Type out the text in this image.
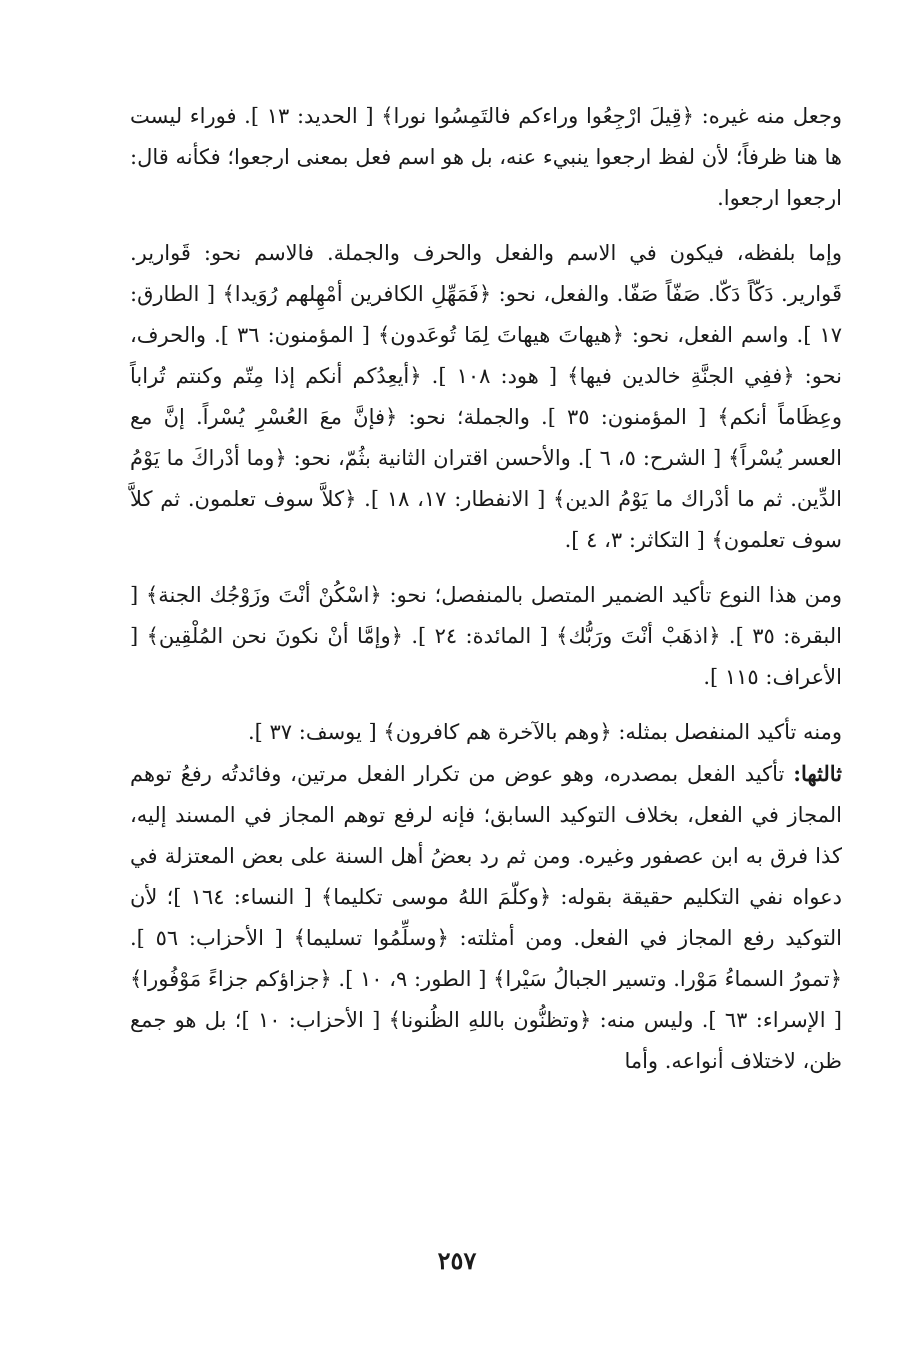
وجعل منه غيره: ﴿قِيلَ ارْجِعُوا وراءكم فالتَمِسُوا نورا﴾ [ الحديد: ١٣ ]. فوراء ليست ها هنا ظرفاً؛ لأن لفظ ارجعوا ينبيء عنه، بل هو اسم فعل بمعنى ارجعوا؛ فكأنه قال: ارجعوا ارجعوا.

وإما بلفظه، فيكون في الاسم والفعل والحرف والجملة. فالاسم نحو: قَوارير. قَوارير. دَكّاً دَكّا. صَفّاً صَفّا. والفعل، نحو: ﴿فَمَهِّلِ الكافرين أمْهِلهم رُوَيدا﴾ [ الطارق: ١٧ ]. واسم الفعل، نحو: ﴿هيهاتَ هيهاتَ لِمَا تُوعَدون﴾ [ المؤمنون: ٣٦ ]. والحرف، نحو: ﴿ففِي الجنَّةِ خالدين فيها﴾ [ هود: ١٠٨ ]. ﴿أيعِدُكم أنكم إذا مِتّم وكنتم تُراباً وعِظَاماً أنكم﴾ [ المؤمنون: ٣٥ ]. والجملة؛ نحو: ﴿فإنَّ معَ العُسْرِ يُسْراً. إنَّ مع العسر يُسْراً﴾ [ الشرح: ٥، ٦ ]. والأحسن اقتران الثانية بثُمّ، نحو: ﴿وما أدْراكَ ما يَوْمُ الدِّين. ثم ما أدْراك ما يَوْمُ الدين﴾ [ الانفطار: ١٧، ١٨ ]. ﴿كلاَّ سوف تعلمون. ثم كلاَّ سوف تعلمون﴾ [ التكاثر: ٣، ٤ ].

ومن هذا النوع تأكيد الضمير المتصل بالمنفصل؛ نحو: ﴿اسْكُنْ أنْتَ وزَوْجُك الجنة﴾ [ البقرة: ٣٥ ]. ﴿اذهَبْ أنْتَ ورَبُّك﴾ [ المائدة: ٢٤ ]. ﴿وإمَّا أنْ نكونَ نحن المُلْقِين﴾ [ الأعراف: ١١٥ ].

ومنه تأكيد المنفصل بمثله: ﴿وهم بالآخرة هم كافرون﴾ [ يوسف: ٣٧ ].

ثالثها: تأكيد الفعل بمصدره، وهو عوض من تكرار الفعل مرتين، وفائدتُه رفعُ توهم المجاز في الفعل، بخلاف التوكيد السابق؛ فإنه لرفع توهم المجاز في المسند إليه، كذا فرق به ابن عصفور وغيره. ومن ثم رد بعضُ أهل السنة على بعض المعتزلة في دعواه نفي التكليم حقيقة بقوله: ﴿وكلّمَ اللهُ موسى تكليما﴾ [ النساء: ١٦٤ ]؛ لأن التوكيد رفع المجاز في الفعل. ومن أمثلته: ﴿وسلِّمُوا تسليما﴾ [ الأحزاب: ٥٦ ]. ﴿تمورُ السماءُ مَوْرا. وتسير الجبالُ سَيْرا﴾ [ الطور: ٩، ١٠ ]. ﴿جزاؤكم جزاءً مَوْفُورا﴾ [ الإسراء: ٦٣ ]. وليس منه: ﴿وتظنُّون باللهِ الظُنونا﴾ [ الأحزاب: ١٠ ]؛ بل هو جمع ظن، لاختلاف أنواعه. وأما

٢٥٧
